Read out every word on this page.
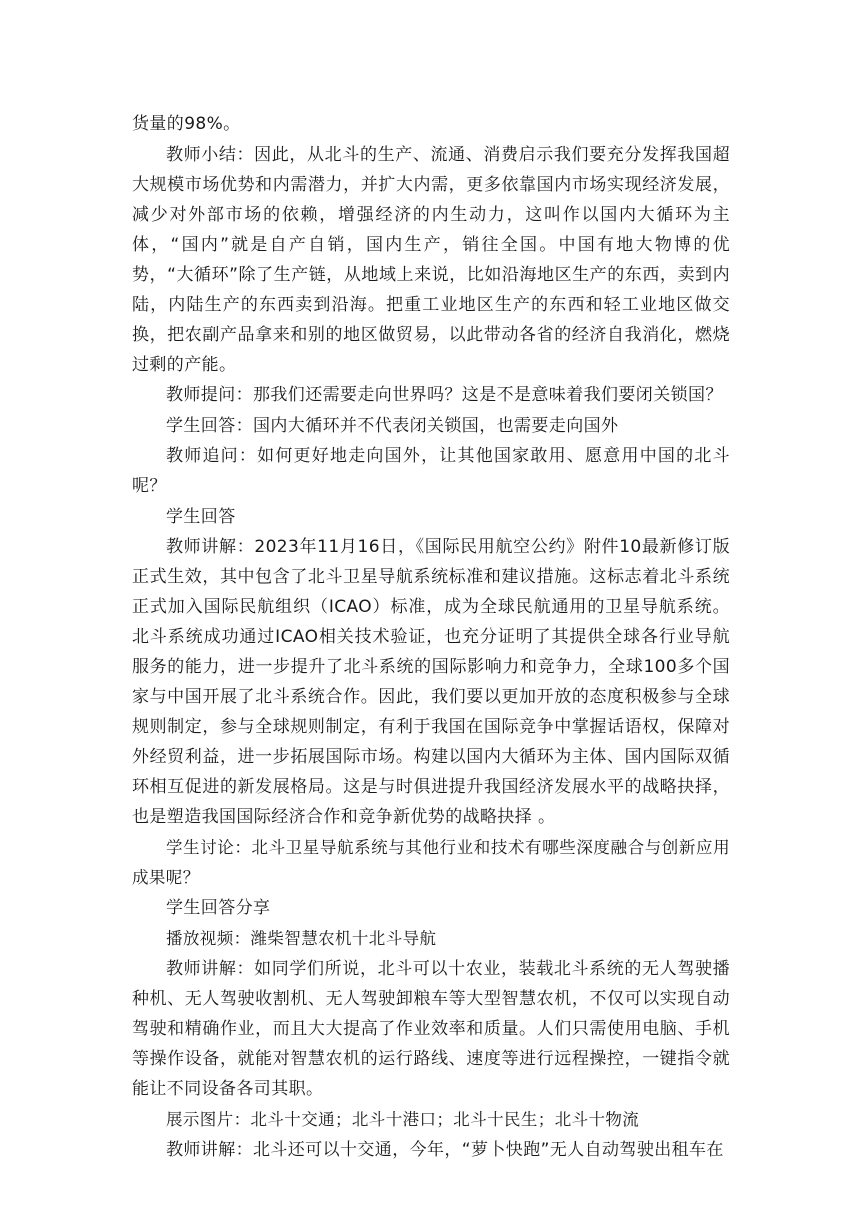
货量的98%。

教师小结：因此，从北斗的生产、流通、消费启示我们要充分发挥我国超大规模市场优势和内需潜力，并扩大内需，更多依靠国内市场实现经济发展，减少对外部市场的依赖，增强经济的内生动力，这叫作以国内大循环为主体，“国内”就是自产自销，国内生产，销往全国。中国有地大物博的优势，“大循环”除了生产链，从地域上来说，比如沿海地区生产的东西，卖到内陆，内陆生产的东西卖到沿海。把重工业地区生产的东西和轻工业地区做交换，把农副产品拿来和别的地区做贸易，以此带动各省的经济自我消化，燃烧过剩的产能。

教师提问：那我们还需要走向世界吗？这是不是意味着我们要闭关锁国？

学生回答：国内大循环并不代表闭关锁国，也需要走向国外

教师追问：如何更好地走向国外，让其他国家敢用、愿意用中国的北斗呢？

学生回答

教师讲解：2023年11月16日，《国际民用航空公约》附件10最新修订版正式生效，其中包含了北斗卫星导航系统标准和建议措施。这标志着北斗系统正式加入国际民航组织（ICAO）标准，成为全球民航通用的卫星导航系统。北斗系统成功通过ICAO相关技术验证，也充分证明了其提供全球各行业导航服务的能力，进一步提升了北斗系统的国际影响力和竞争力，全球100多个国家与中国开展了北斗系统合作。因此，我们要以更加开放的态度积极参与全球规则制定，参与全球规则制定，有利于我国在国际竞争中掌握话语权，保障对外经贸利益，进一步拓展国际市场。构建以国内大循环为主体、国内国际双循环相互促进的新发展格局。这是与时俱进提升我国经济发展水平的战略抉择，也是塑造我国国际经济合作和竞争新优势的战略抉择 。

学生讨论：北斗卫星导航系统与其他行业和技术有哪些深度融合与创新应用成果呢？

学生回答分享

播放视频：潍柴智慧农机十北斗导航

教师讲解：如同学们所说，北斗可以十农业，装载北斗系统的无人驾驶播种机、无人驾驶收割机、无人驾驶卸粮车等大型智慧农机，不仅可以实现自动驾驶和精确作业，而且大大提高了作业效率和质量。人们只需使用电脑、手机等操作设备，就能对智慧农机的运行路线、速度等进行远程操控，一键指令就能让不同设备各司其职。

展示图片：北斗十交通；北斗十港口；北斗十民生；北斗十物流

教师讲解：北斗还可以十交通，今年，“萝卜快跑”无人自动驾驶出租车在
